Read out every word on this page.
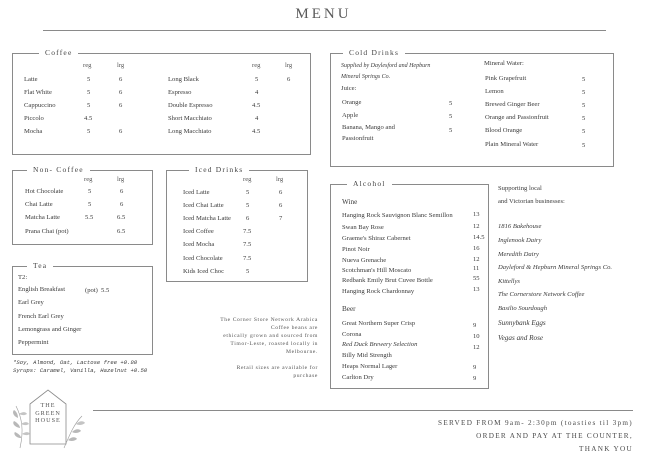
MENU
Coffee
reg	lrg	reg	lrg
Latte	5	6
Flat White	5	6
Cappuccino	5	6
Piccolo	4.5
Mocha	5	6
Long Black	5	6
Espresso	4
Double Espresso	4.5
Short Macchiato	4
Long Macchiato	4.5
Non- Coffee
reg	lrg
Hot Chocolate	5	6
Chai Latte	5	6
Matcha Latte	5.5	6.5
Prana Chai (pot)	6.5
Iced Drinks
reg	lrg
Iced Latte	5	6
Iced Chai Latte	5	6
Iced Matcha Latte 6	7
Iced Coffee	7.5
Iced Mocha	7.5
Iced Chocolate	7.5
Kids Iced Choc	5
Tea
T2:
English Breakfast	(pot) 5.5
Earl Grey
French Earl Grey
Lemongrass and Ginger
Peppermint
*Soy, Almond, Oat, Lactose free +0.80
Syrups: Caramel, Vanilla, Hazelnut +0.50
THE
GREEN
HOUSE
The Corner Store Network Arabica
Coffee beans are
ethically grown and sourced from
Timor-Leste, roasted locally in
Melbourne.

Retail sizes are available for
purchase
Cold Drinks
Supplied by Daylesford and Hepburn
Mineral Springs Co.
Juice:
Orange	5
Apple	5
Banana, Mango and	5
Passionfruit
Mineral Water:
Pink Grapefruit	5
Lemon	5
Brewed Ginger Beer	5
Orange and Passionfruit	5
Blood Orange	5
Plain Mineral Water	5
Alcohol
Wine
Hanging Rock Sauvignon Blanc Semillon	13
Swan Bay Rose	12
Graeme's Shiraz Cabernet	14.5
Pinot Noir	16
Nueva Grenache	12
Scotchman's Hill Moscato	11
Redbank Emily Brut Cuvee Bottle	55
Hanging Rock Chardonnay	13
Beer
Great Northern Super Crisp	9
Corona	10
Red Duck Brewery Selection	12
Billy Mid Strength
Heaps Normal Lager	9
Carlton Dry	9
Supporting local
and Victorian businesses:
1816 Bakehouse
Inglenook Dairy
Meredith Dairy
Dayleford & Hepburn Mineral Springs Co.
Kittellys
The Cornerstore Network Coffee
Basilio Sourdough
Sunnybank Eggs
Vegas and Rose
SERVED FROM 9am- 2:30pm (toasties til 3pm)
ORDER AND PAY AT THE COUNTER,
THANK YOU
